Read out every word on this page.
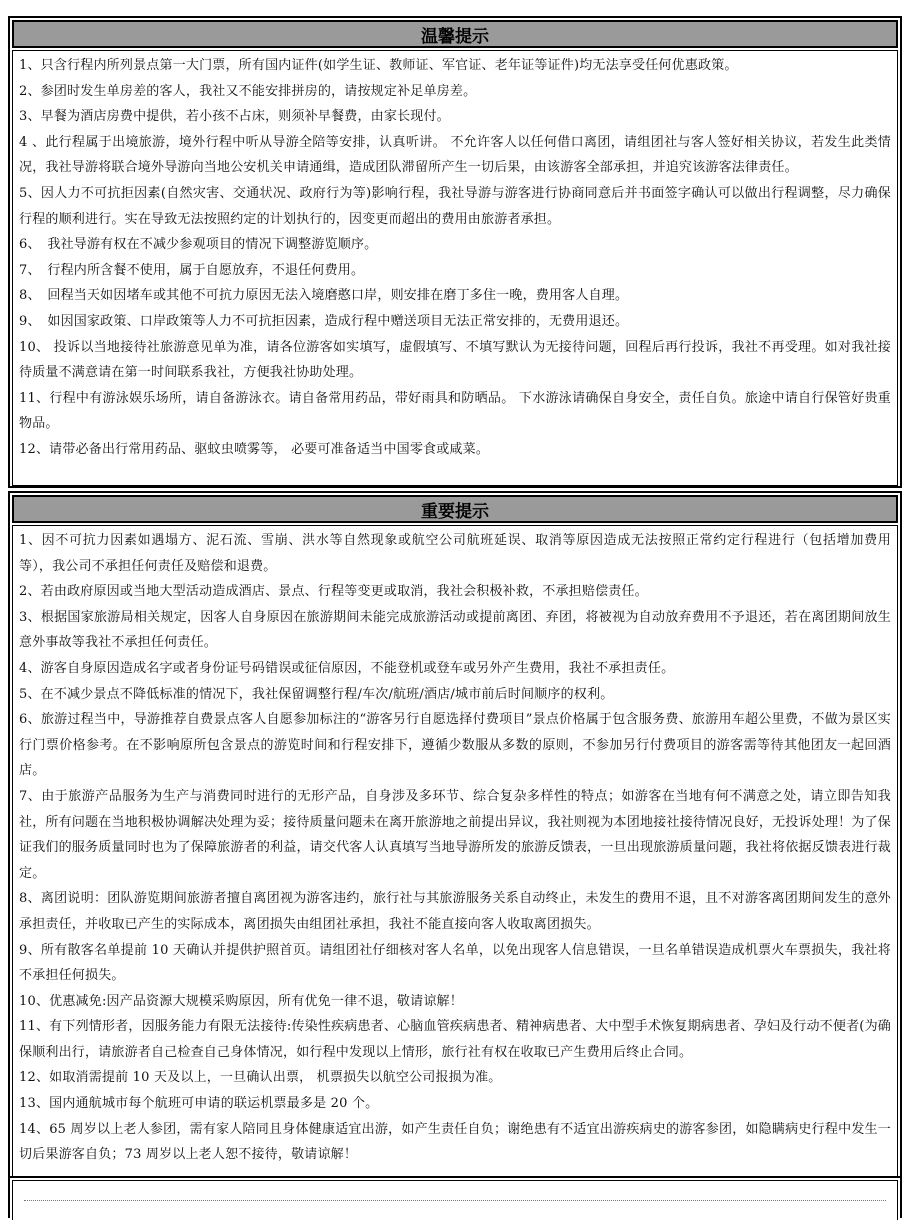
温馨提示

1、只含行程内所列景点第一大门票，所有国内证件(如学生证、教师证、军官证、老年证等证件)均无法享受任何优惠政策。

2、参团时发生单房差的客人，我社又不能安排拼房的，请按规定补足单房差。

3、早餐为酒店房费中提供，若小孩不占床，则须补早餐费，由家长现付。

4 、此行程属于出境旅游，境外行程中听从导游全陪等安排，认真听讲。 不允许客人以任何借口离团，请组团社与客人签好相关协议，若发生此类情况，我社导游将联合境外导游向当地公安机关申请通缉，造成团队滞留所产生一切后果，由该游客全部承担，并追究该游客法律责任。

5、因人力不可抗拒因素(自然灾害、交通状况、政府行为等)影响行程，我社导游与游客进行协商同意后并书面签字确认可以做出行程调整，尽力确保行程的顺利进行。实在导致无法按照约定的计划执行的，因变更而超出的费用由旅游者承担。

6、　我社导游有权在不减少参观项目的情况下调整游览顺序。

7、　行程内所含餐不使用，属于自愿放弃，不退任何费用。

8、　回程当天如因堵车或其他不可抗力原因无法入境磨憨口岸，则安排在磨丁多住一晚，费用客人自理。

9、　如因国家政策、口岸政策等人力不可抗拒因素，造成行程中赠送项目无法正常安排的，无费用退还。

10、 投诉以当地接待社旅游意见单为准，请各位游客如实填写，虚假填写、不填写默认为无接待问题，回程后再行投诉，我社不再受理。如对我社接待质量不满意请在第一时间联系我社，方便我社协助处理。

11、行程中有游泳娱乐场所，请自备游泳衣。请自备常用药品，带好雨具和防晒品。 下水游泳请确保自身安全，责任自负。旅途中请自行保管好贵重物品。

12、请带必备出行常用药品、驱蚊虫喷雾等， 必要可准备适当中国零食或咸菜。

重要提示

1、因不可抗力因素如遇塌方、泥石流、雪崩、洪水等自然现象或航空公司航班延误、取消等原因造成无法按照正常约定行程进行（包括增加费用等），我公司不承担任何责任及赔偿和退费。

2、若由政府原因或当地大型活动造成酒店、景点、行程等变更或取消，我社会积极补救，不承担赔偿责任。

3、根据国家旅游局相关规定，因客人自身原因在旅游期间未能完成旅游活动或提前离团、弃团，将被视为自动放弃费用不予退还，若在离团期间放生意外事故等我社不承担任何责任。

4、游客自身原因造成名字或者身份证号码错误或征信原因，不能登机或登车或另外产生费用，我社不承担责任。

5、在不减少景点不降低标准的情况下，我社保留调整行程/车次/航班/酒店/城市前后时间顺序的权利。

6、旅游过程当中，导游推荐自费景点客人自愿参加标注的“游客另行自愿选择付费项目”景点价格属于包含服务费、旅游用车超公里费，不做为景区实行门票价格参考。在不影响原所包含景点的游览时间和行程安排下，遵循少数服从多数的原则，不参加另行付费项目的游客需等待其他团友一起回酒店。

7、由于旅游产品服务为生产与消费同时进行的无形产品，自身涉及多环节、综合复杂多样性的特点；如游客在当地有何不满意之处，请立即告知我社，所有问题在当地积极协调解决处理为妥；接待质量问题未在离开旅游地之前提出异议，我社则视为本团地接社接待情况良好，无投诉处理！为了保证我们的服务质量同时也为了保障旅游者的利益，请交代客人认真填写当地导游所发的旅游反馈表，一旦出现旅游质量问题，我社将依据反馈表进行裁定。

8、离团说明：团队游览期间旅游者擅自离团视为游客违约，旅行社与其旅游服务关系自动终止，未发生的费用不退，且不对游客离团期间发生的意外承担责任，并收取已产生的实际成本，离团损失由组团社承担，我社不能直接向客人收取离团损失。

9、所有散客名单提前 10 天确认并提供护照首页。请组团社仔细核对客人名单，以免出现客人信息错误，一旦名单错误造成机票火车票损失，我社将不承担任何损失。

10、优惠减免:因产品资源大规模采购原因，所有优免一律不退，敬请谅解！

11、有下列情形者，因服务能力有限无法接待:传染性疾病患者、心脑血管疾病患者、精神病患者、大中型手术恢复期病患者、孕妇及行动不便者(为确保顺利出行，请旅游者自己检查自己身体情况，如行程中发现以上情形，旅行社有权在收取已产生费用后终止合同。

12、如取消需提前 10 天及以上，一旦确认出票， 机票损失以航空公司报损为准。

13、国内通航城市每个航班可申请的联运机票最多是 20 个。

14、65 周岁以上老人参团，需有家人陪同且身体健康适宜出游，如产生责任自负；谢绝患有不适宜出游疾病史的游客参团，如隐瞒病史行程中发生一切后果游客自负；73 周岁以上老人恕不接待，敬请谅解！
